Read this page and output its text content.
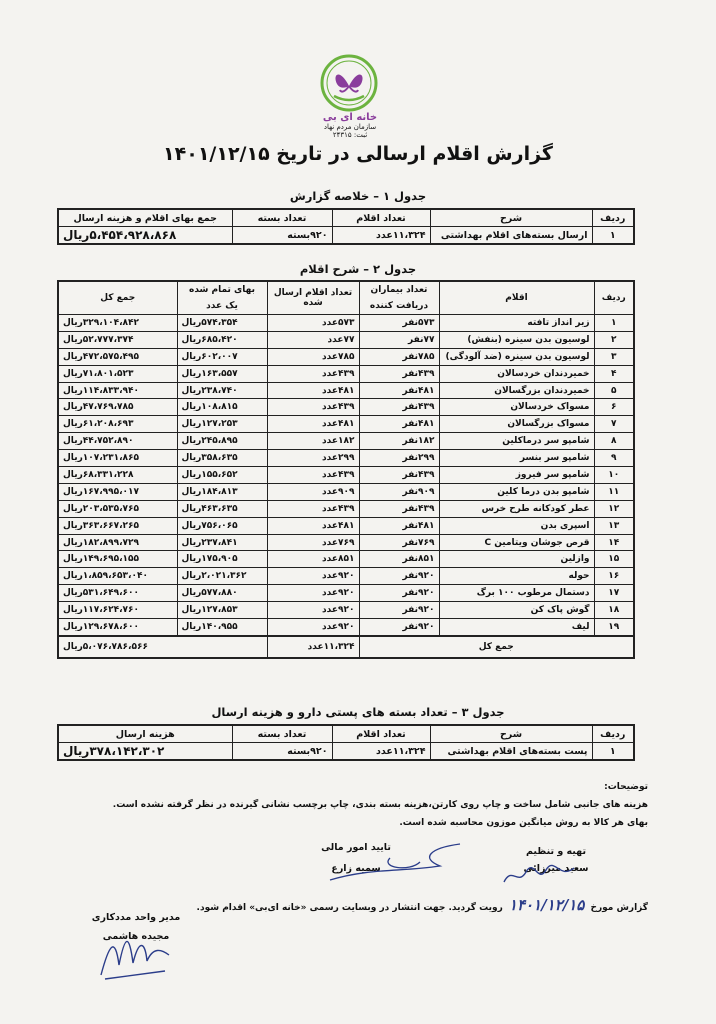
خانه ای بی
سازمان مردم نهاد
ثبت: ۲۴۳۱۵
گزارش اقلام ارسالی در تاریخ ۱۴۰۱/۱۲/۱۵
جدول ۱ – خلاصه گزارش
ردیف	شرح	تعداد اقلام	تعداد بسته	جمع بهای اقلام و هزینه ارسال
۱	ارسال بسته‌های اقلام بهداشتی	۱۱،۳۲۴عدد	۹۲۰بسته	۵،۴۵۴،۹۲۸،۸۶۸ریال
جدول ۲ – شرح اقلام
ردیف	اقلام	تعداد بیماران دریافت کننده	تعداد اقلام ارسال شده	بهای تمام شده یک عدد	جمع کل

۱	زیر انداز تافته	۵۷۳نفر	۵۷۳عدد	۵۷۴،۳۵۴ریال	۳۲۹،۱۰۴،۸۴۲ریال
۲	لوسیون بدن سینره (بنفش)	۷۷نفر	۷۷عدد	۶۸۵،۴۲۰ریال	۵۲،۷۷۷،۳۷۴ریال
۳	لوسیون بدن سینره (ضد آلودگی)	۷۸۵نفر	۷۸۵عدد	۶۰۲،۰۰۷ریال	۴۷۲،۵۷۵،۴۹۵ریال
۴	خمیردندان خردسالان	۴۳۹نفر	۴۳۹عدد	۱۶۳،۵۵۷ریال	۷۱،۸۰۱،۵۲۳ریال
۵	خمیردندان بزرگسالان	۴۸۱نفر	۴۸۱عدد	۲۳۸،۷۴۰ریال	۱۱۴،۸۳۳،۹۴۰ریال
۶	مسواک خردسالان	۴۳۹نفر	۴۳۹عدد	۱۰۸،۸۱۵ریال	۴۷،۷۶۹،۷۸۵ریال
۷	مسواک بزرگسالان	۴۸۱نفر	۴۸۱عدد	۱۲۷،۲۵۳ریال	۶۱،۲۰۸،۶۹۳ریال
۸	شامپو سر درماکلین	۱۸۲نفر	۱۸۲عدد	۲۴۵،۸۹۵ریال	۴۴،۷۵۲،۸۹۰ریال
۹	شامپو سر بنسر	۲۹۹نفر	۲۹۹عدد	۳۵۸،۶۳۵ریال	۱۰۷،۲۳۱،۸۶۵ریال
۱۰	شامپو سر فیروز	۴۳۹نفر	۴۳۹عدد	۱۵۵،۶۵۲ریال	۶۸،۳۳۱،۲۲۸ریال
۱۱	شامپو بدن درما کلین	۹۰۹نفر	۹۰۹عدد	۱۸۴،۸۱۳ریال	۱۶۷،۹۹۵،۰۱۷ریال
۱۲	عطر کودکانه طرح خرس	۴۳۹نفر	۴۳۹عدد	۴۶۳،۶۳۵ریال	۲۰۳،۵۳۵،۷۶۵ریال
۱۳	اسپری بدن	۴۸۱نفر	۴۸۱عدد	۷۵۶،۰۶۵ریال	۳۶۳،۶۶۷،۲۶۵ریال
۱۴	قرص جوشان ویتامین C	۷۶۹نفر	۷۶۹عدد	۲۳۷،۸۴۱ریال	۱۸۲،۸۹۹،۷۲۹ریال
۱۵	وازلین	۸۵۱نفر	۸۵۱عدد	۱۷۵،۹۰۵ریال	۱۴۹،۶۹۵،۱۵۵ریال
۱۶	حوله	۹۲۰نفر	۹۲۰عدد	۲،۰۲۱،۳۶۲ریال	۱،۸۵۹،۶۵۳،۰۴۰ریال
۱۷	دستمال مرطوب ۱۰۰ برگ	۹۲۰نفر	۹۲۰عدد	۵۷۷،۸۸۰ریال	۵۳۱،۶۴۹،۶۰۰ریال
۱۸	گوش پاک کن	۹۲۰نفر	۹۲۰عدد	۱۲۷،۸۵۳ریال	۱۱۷،۶۲۴،۷۶۰ریال
۱۹	لیف	۹۲۰نفر	۹۲۰عدد	۱۴۰،۹۵۵ریال	۱۲۹،۶۷۸،۶۰۰ریال
جمع کل			۱۱،۳۲۴عدد	۵،۰۷۶،۷۸۶،۵۶۶ریال	
جدول ۳ – تعداد بسته های پستی دارو و هزینه ارسال
ردیف	شرح	تعداد اقلام	تعداد بسته	هزینه ارسال
۱	پست بسته‌های اقلام بهداشتی	۱۱،۳۲۴عدد	۹۲۰بسته	۳۷۸،۱۴۲،۳۰۲ریال
توضیحات:
هزینه های جانبی شامل ساخت و چاپ روی کارتن،هزینه بسته بندی، چاپ برچسب نشانی گیرنده در نظر گرفته نشده است.
بهای هر کالا به روش میانگین موزون محاسبه شده است.
تهیه و تنظیم
سعید میرزائی
تایید امور مالی
سمیه زارع
مدیر واحد مددکاری
مجیده هاشمی
گزارش مورخ ۱۴۰۱/۱۲/۱۵ رویت گردید. جهت انتشار در وبسایت رسمی «خانه ای‌بی» اقدام شود.
